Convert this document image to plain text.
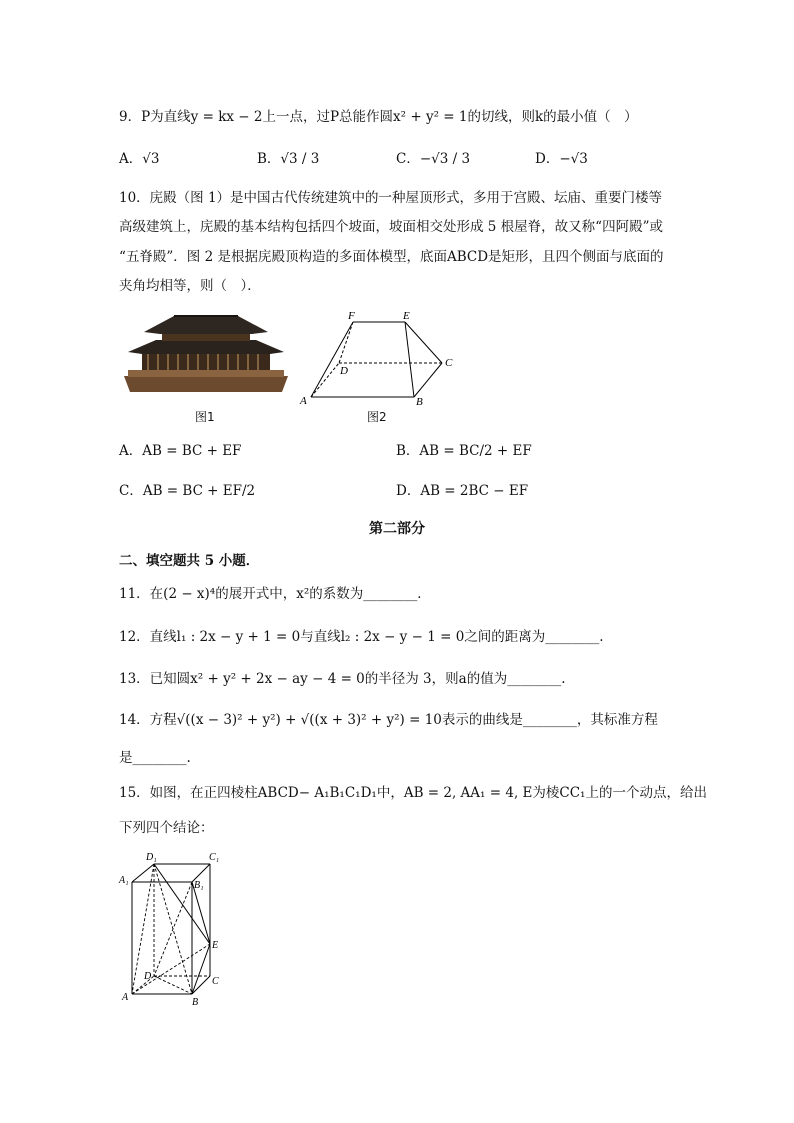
9．P为直线y = kx − 2上一点，过P总能作圆x² + y² = 1的切线，则k的最小值（　）
A．√3	B．√3 / 3	C．−√3 / 3	D．−√3
10．庑殿（图 1）是中国古代传统建筑中的一种屋顶形式，多用于宫殿、坛庙、重要门楼等
高级建筑上，庑殿的基本结构包括四个坡面，坡面相交处形成 5 根屋脊，故又称“四阿殿”或
“五脊殿”．图 2 是根据庑殿顶构造的多面体模型，底面ABCD是矩形，且四个侧面与底面的
夹角均相等，则（　）．
图1
F	E
D
C
A	B
图2
A．AB = BC + EF	B．AB = BC/2 + EF
C．AB = BC + EF/2	D．AB = 2BC − EF
第二部分
二、填空题共 5 小题．
11．在(2 − x)⁴的展开式中，x²的系数为________．
12．直线l₁ : 2x − y + 1 = 0与直线l₂ : 2x − y − 1 = 0之间的距离为________.
13．已知圆x² + y² + 2x − ay − 4 = 0的半径为 3，则a的值为________.
14．方程√((x − 3)² + y²) + √((x + 3)² + y²) = 10表示的曲线是________，其标准方程
是________.
15．如图，在正四棱柱ABCD− A₁B₁C₁D₁中，AB = 2, AA₁ = 4, E为棱CC₁上的一个动点，给出
下列四个结论：
D₁	C₁
A₁	B₁
E
D	C
A	B
